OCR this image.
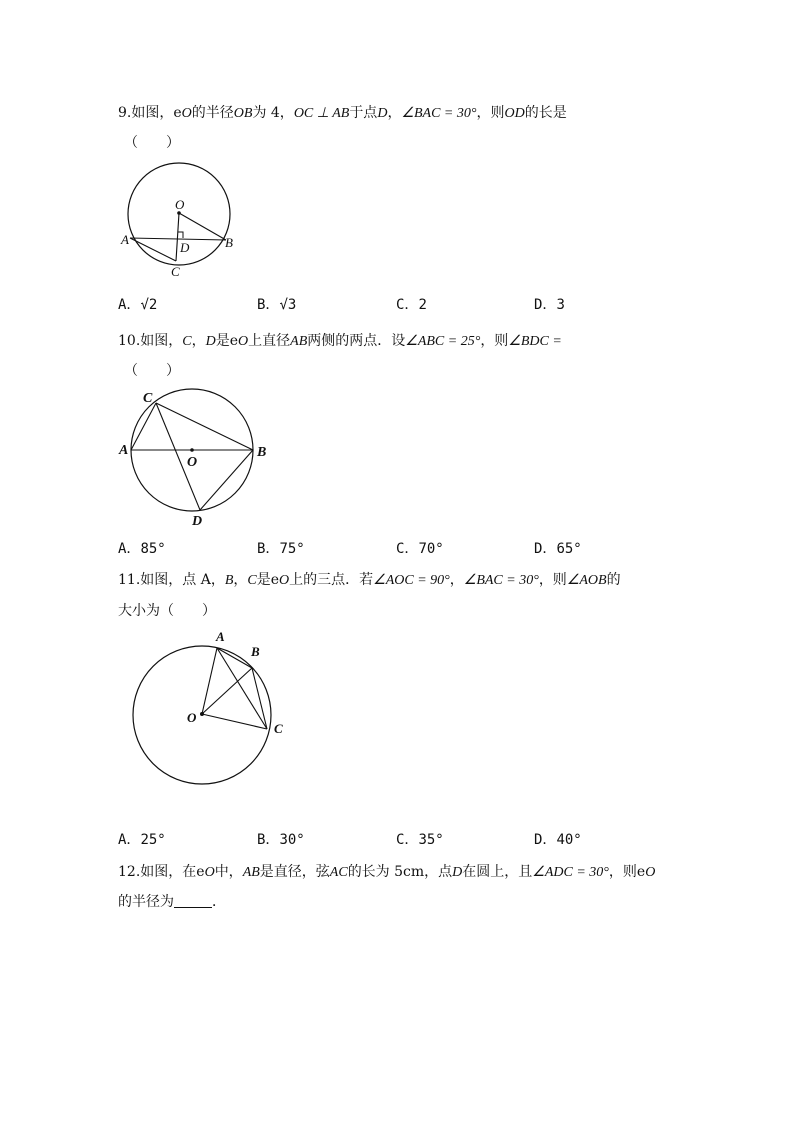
9.如图，eO的半径OB为 4，OC ⊥ AB于点D，∠BAC = 30°，则OD的长是
（　　）
O
A	B
D
C
A．√2	B．√3	C．2	D．3
10.如图，C，D是eO上直径AB两侧的两点．设∠ABC = 25°，则∠BDC =
（　　）
C
A
O
B
D
A．85°	B．75°	C．70°	D．65°
11.如图，点 A，B，C是eO上的三点．若∠AOC = 90°，∠BAC = 30°，则∠AOB的
大小为（　　）
A
B
O
C
A．25°	B．30°	C．35°	D．40°
12.如图，在eO中，AB是直径，弦AC的长为 5cm，点D在圆上，且∠ADC = 30°，则eO
的半径为	．
